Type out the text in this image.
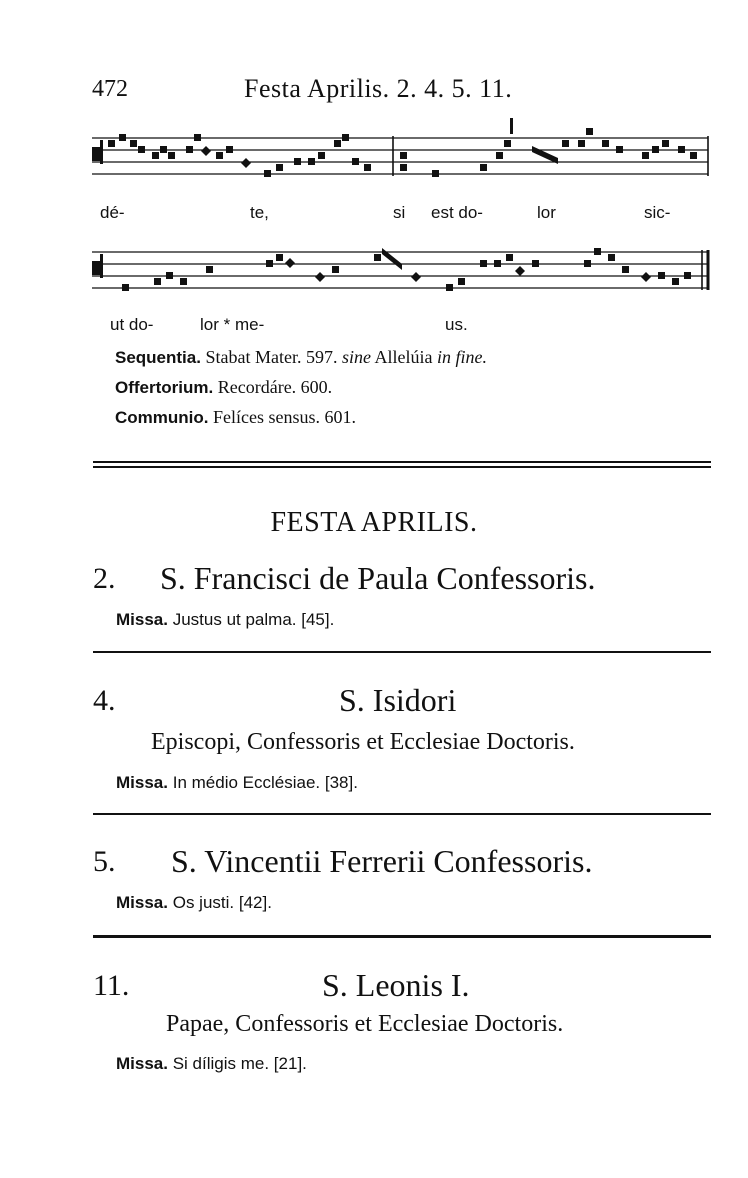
472	Festa Aprilis. 2. 4. 5. 11.
dé-	te,	si est do-	lor	sic-
ut do-	lor * me-	us.
Sequentia. Stabat Mater. 597. sine Allelúia in fine.
Offertorium. Recordáre. 600.
Communio. Felíces sensus. 601.
FESTA APRILIS.
2. S. Francisci de Paula Confessoris.
Missa. Justus ut palma. [45].
4.	S. Isidori
Episcopi, Confessoris et Ecclesiae Doctoris.
Missa. In médio Ecclésiae. [38].
5. S. Vincentii Ferrerii Confessoris.
Missa. Os justi. [42].
11.	S. Leonis I.
Papae, Confessoris et Ecclesiae Doctoris.
Missa. Si díligis me. [21].
